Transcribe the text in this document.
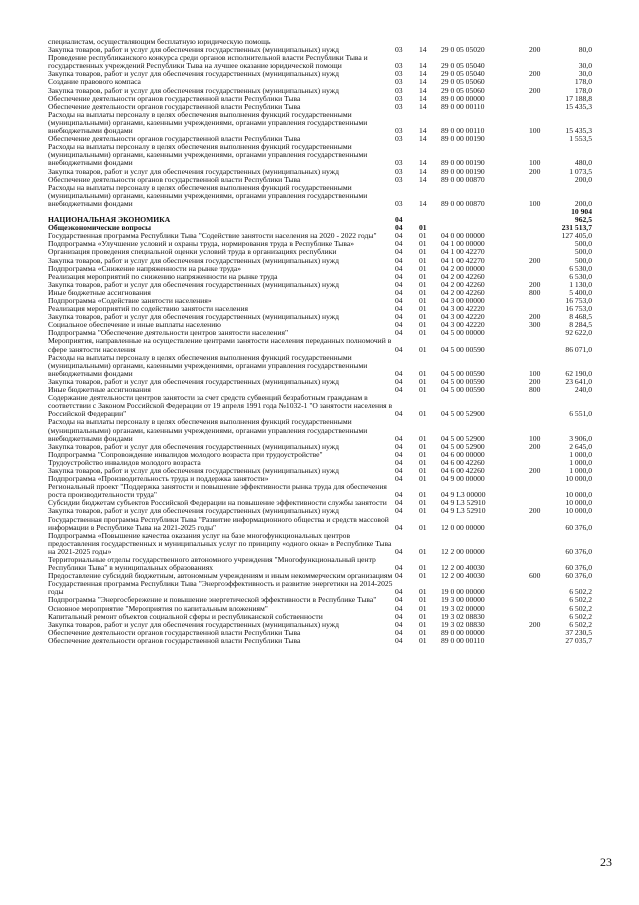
специалистам, осуществляющим бесплатную юридическую помощь					
Закупка товаров, работ и услуг для обеспечения государственных (муниципальных) нужд	03	14	29 0 05 05020	200	80,0
Проведение республиканского конкурса среди органов исполнительной власти Республики Тыва и государственных учреждений Республики Тыва на лучшее оказание юридической помощи	03	14	29 0 05 05040		30,0
Закупка товаров, работ и услуг для обеспечения государственных (муниципальных) нужд	03	14	29 0 05 05040	200	30,0
Создание правового компаса	03	14	29 0 05 05060		178,0
Закупка товаров, работ и услуг для обеспечения государственных (муниципальных) нужд	03	14	29 0 05 05060	200	178,0
Обеспечение деятельности органов государственной власти Республики Тыва	03	14	89 0 00 00000		17 188,8
Обеспечение деятельности органов государственной власти Республики Тыва	03	14	89 0 00 00110		15 435,3
Расходы на выплаты персоналу в целях обеспечения выполнения функций государственными (муниципальными) органами, казенными учреждениями, органами управления государственными внебюджетными фондами	03	14	89 0 00 00110	100	15 435,3
Обеспечение деятельности органов государственной власти Республики Тыва	03	14	89 0 00 00190		1 553,5
Расходы на выплаты персоналу в целях обеспечения выполнения функций государственными (муниципальными) органами, казенными учреждениями, органами управления государственными внебюджетными фондами	03	14	89 0 00 00190	100	480,0
Закупка товаров, работ и услуг для обеспечения государственных (муниципальных) нужд	03	14	89 0 00 00190	200	1 073,5
Обеспечение деятельности органов государственной власти Республики Тыва	03	14	89 0 00 00870		200,0
Расходы на выплаты персоналу в целях обеспечения выполнения функций государственными (муниципальными) органами, казенными учреждениями, органами управления государственными внебюджетными фондами	03	14	89 0 00 00870	100	200,0
НАЦИОНАЛЬНАЯ ЭКОНОМИКА	04				10 904 962,5
Общеэкономические вопросы	04	01			231 513,7
Государственная программа Республики Тыва "Содействие занятости населения на 2020 - 2022 годы"	04	01	04 0 00 00000		127 405,0
Подпрограмма «Улучшение условий и охраны труда, нормирования труда в Республике Тыва»	04	01	04 1 00 00000		500,0
Организация проведения специальной оценки условий труда в организациях республики	04	01	04 1 00 42270		500,0
Закупка товаров, работ и услуг для обеспечения государственных (муниципальных) нужд	04	01	04 1 00 42270	200	500,0
Подпрограмма «Снижение напряженности на рынке труда»	04	01	04 2 00 00000		6 530,0
Реализация мероприятий по снижению напряженности на рынке труда	04	01	04 2 00 42260		6 530,0
Закупка товаров, работ и услуг для обеспечения государственных (муниципальных) нужд	04	01	04 2 00 42260	200	1 130,0
Иные бюджетные ассигнования	04	01	04 2 00 42260	800	5 400,0
Подпрограмма «Содействие занятости населения»	04	01	04 3 00 00000		16 753,0
Реализация мероприятий по содействию занятости населения	04	01	04 3 00 42220		16 753,0
Закупка товаров, работ и услуг для обеспечения государственных (муниципальных) нужд	04	01	04 3 00 42220	200	8 468,5
Социальное обеспечение и иные выплаты населению	04	01	04 3 00 42220	300	8 284,5
Подпрограмма "Обеспечение деятельности центров занятости населения"	04	01	04 5 00 00000		92 622,0
Мероприятия, направленные на осуществление центрами занятости населения переданных полномочий в сфере занятости населения	04	01	04 5 00 00590		86 071,0
Расходы на выплаты персоналу в целях обеспечения выполнения функций государственными (муниципальными) органами, казенными учреждениями, органами управления государственными внебюджетными фондами	04	01	04 5 00 00590	100	62 190,0
Закупка товаров, работ и услуг для обеспечения государственных (муниципальных) нужд	04	01	04 5 00 00590	200	23 641,0
Иные бюджетные ассигнования	04	01	04 5 00 00590	800	240,0
Содержание деятельности центров занятости за счет средств субвенций безработным гражданам в соответствии с Законом Российской Федерации от 19 апреля 1991 года №1032-1 "О занятости населения в Российской Федерации"	04	01	04 5 00 52900		6 551,0
Расходы на выплаты персоналу в целях обеспечения выполнения функций государственными (муниципальными) органами, казенными учреждениями, органами управления государственными внебюджетными фондами	04	01	04 5 00 52900	100	3 906,0
Закупка товаров, работ и услуг для обеспечения государственных (муниципальных) нужд	04	01	04 5 00 52900	200	2 645,0
Подпрограмма "Сопровождение инвалидов молодого возраста при трудоустройстве"	04	01	04 6 00 00000		1 000,0
Трудоустройство инвалидов молодого возраста	04	01	04 6 00 42260		1 000,0
Закупка товаров, работ и услуг для обеспечения государственных (муниципальных) нужд	04	01	04 6 00 42260	200	1 000,0
Подпрограмма «Производительность труда и поддержка занятости»	04	01	04 9 00 00000		10 000,0
Региональный проект "Поддержка занятости и повышение эффективности рынка труда для обеспечения роста производительности труда"	04	01	04 9 L3 00000		10 000,0
Субсидии бюджетам субъектов Российской Федерации на повышение эффективности службы занятости	04	01	04 9 L3 52910		10 000,0
Закупка товаров, работ и услуг для обеспечения государственных (муниципальных) нужд	04	01	04 9 L3 52910	200	10 000,0
Государственная программа Республики Тыва "Развитие информационного общества и средств массовой информации в Республике Тыва на 2021-2025 годы"	04	01	12 0 00 00000		60 376,0
Подпрограмма «Повышение качества оказания услуг на базе многофункциональных центров предоставления государственных и муниципальных услуг по принципу «одного окна» в Республике Тыва на 2021-2025 годы»	04	01	12 2 00 00000		60 376,0
Территориальные отделы государственного автономного учреждения "Многофункциональный центр Республики Тыва" в муниципальных образованиях	04	01	12 2 00 40030		60 376,0
Предоставление субсидий бюджетным, автономным учреждениям и иным некоммерческим организациям	04	01	12 2 00 40030	600	60 376,0
Государственная программа Республики Тыва "Энергоэффективность и развитие энергетики на 2014-2025 годы	04	01	19 0 00 00000		6 502,2
Подпрограмма "Энергосбережение и повышение энергетической эффективности в Республике Тыва"	04	01	19 3 00 00000		6 502,2
Основное мероприятие "Мероприятия по капитальным вложениям"	04	01	19 3 02 00000		6 502,2
Капитальный ремонт объектов социальной сферы и республиканской собственности	04	01	19 3 02 08830		6 502,2
Закупка товаров, работ и услуг для обеспечения государственных (муниципальных) нужд	04	01	19 3 02 08830	200	6 502,2
Обеспечение деятельности органов государственной власти Республики Тыва	04	01	89 0 00 00000		37 230,5
Обеспечение деятельности органов государственной власти Республики Тыва	04	01	89 0 00 00110		27 035,7
23
